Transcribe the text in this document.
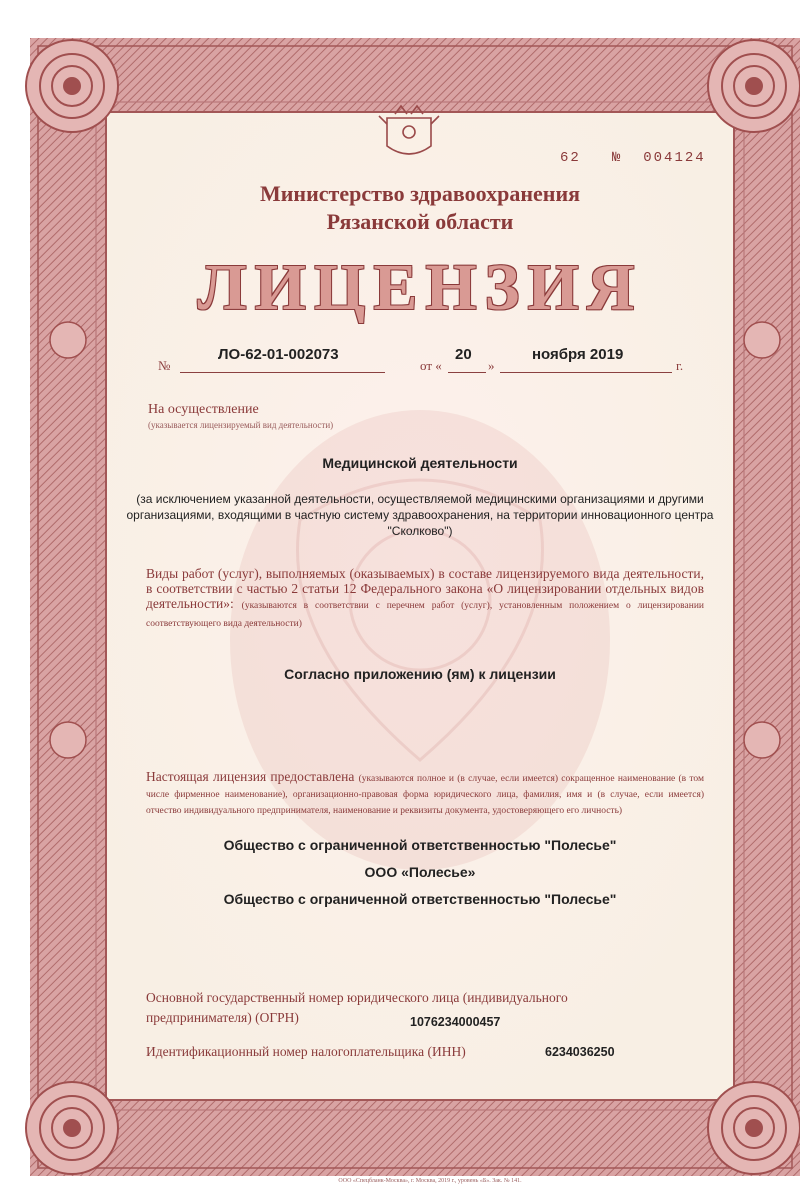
62 № 004124
Министерство здравоохранения
Рязанской области
ЛИЦЕНЗИЯ
№
ЛО-62-01-002073
от «
20
»
ноября 2019
г.
На осуществление
(указывается лицензируемый вид деятельности)
Медицинской деятельности
(за исключением указанной деятельности, осуществляемой медицинскими организациями и другими организациями, входящими в частную систему здравоохранения, на территории инновационного центра "Сколково")
Виды работ (услуг), выполняемых (оказываемых) в составе лицензируемого вида деятельности, в соответствии с частью 2 статьи 12 Федерального закона «О лицензировании отдельных видов деятельности»: (указываются в соответствии с перечнем работ (услуг), установленным положением о лицензировании соответствующего вида деятельности)
Согласно приложению (ям) к лицензии
Настоящая лицензия предоставлена (указываются полное и (в случае, если имеется) сокращенное наименование (в том числе фирменное наименование), организационно-правовая форма юридического лица, фамилия, имя и (в случае, если имеется) отчество индивидуального предпринимателя, наименование и реквизиты документа, удостоверяющего его личность)
Общество с ограниченной ответственностью "Полесье"
ООО «Полесье»
Общество с ограниченной ответственностью "Полесье"
Основной государственный номер юридического лица (индивидуального
предпринимателя) (ОГРН)	1076234000457
Идентификационный номер налогоплательщика (ИНН)	6234036250
ООО «Спецбланк-Москва», г. Москва, 2019 г., уровень «Б». Зак. № 141.
